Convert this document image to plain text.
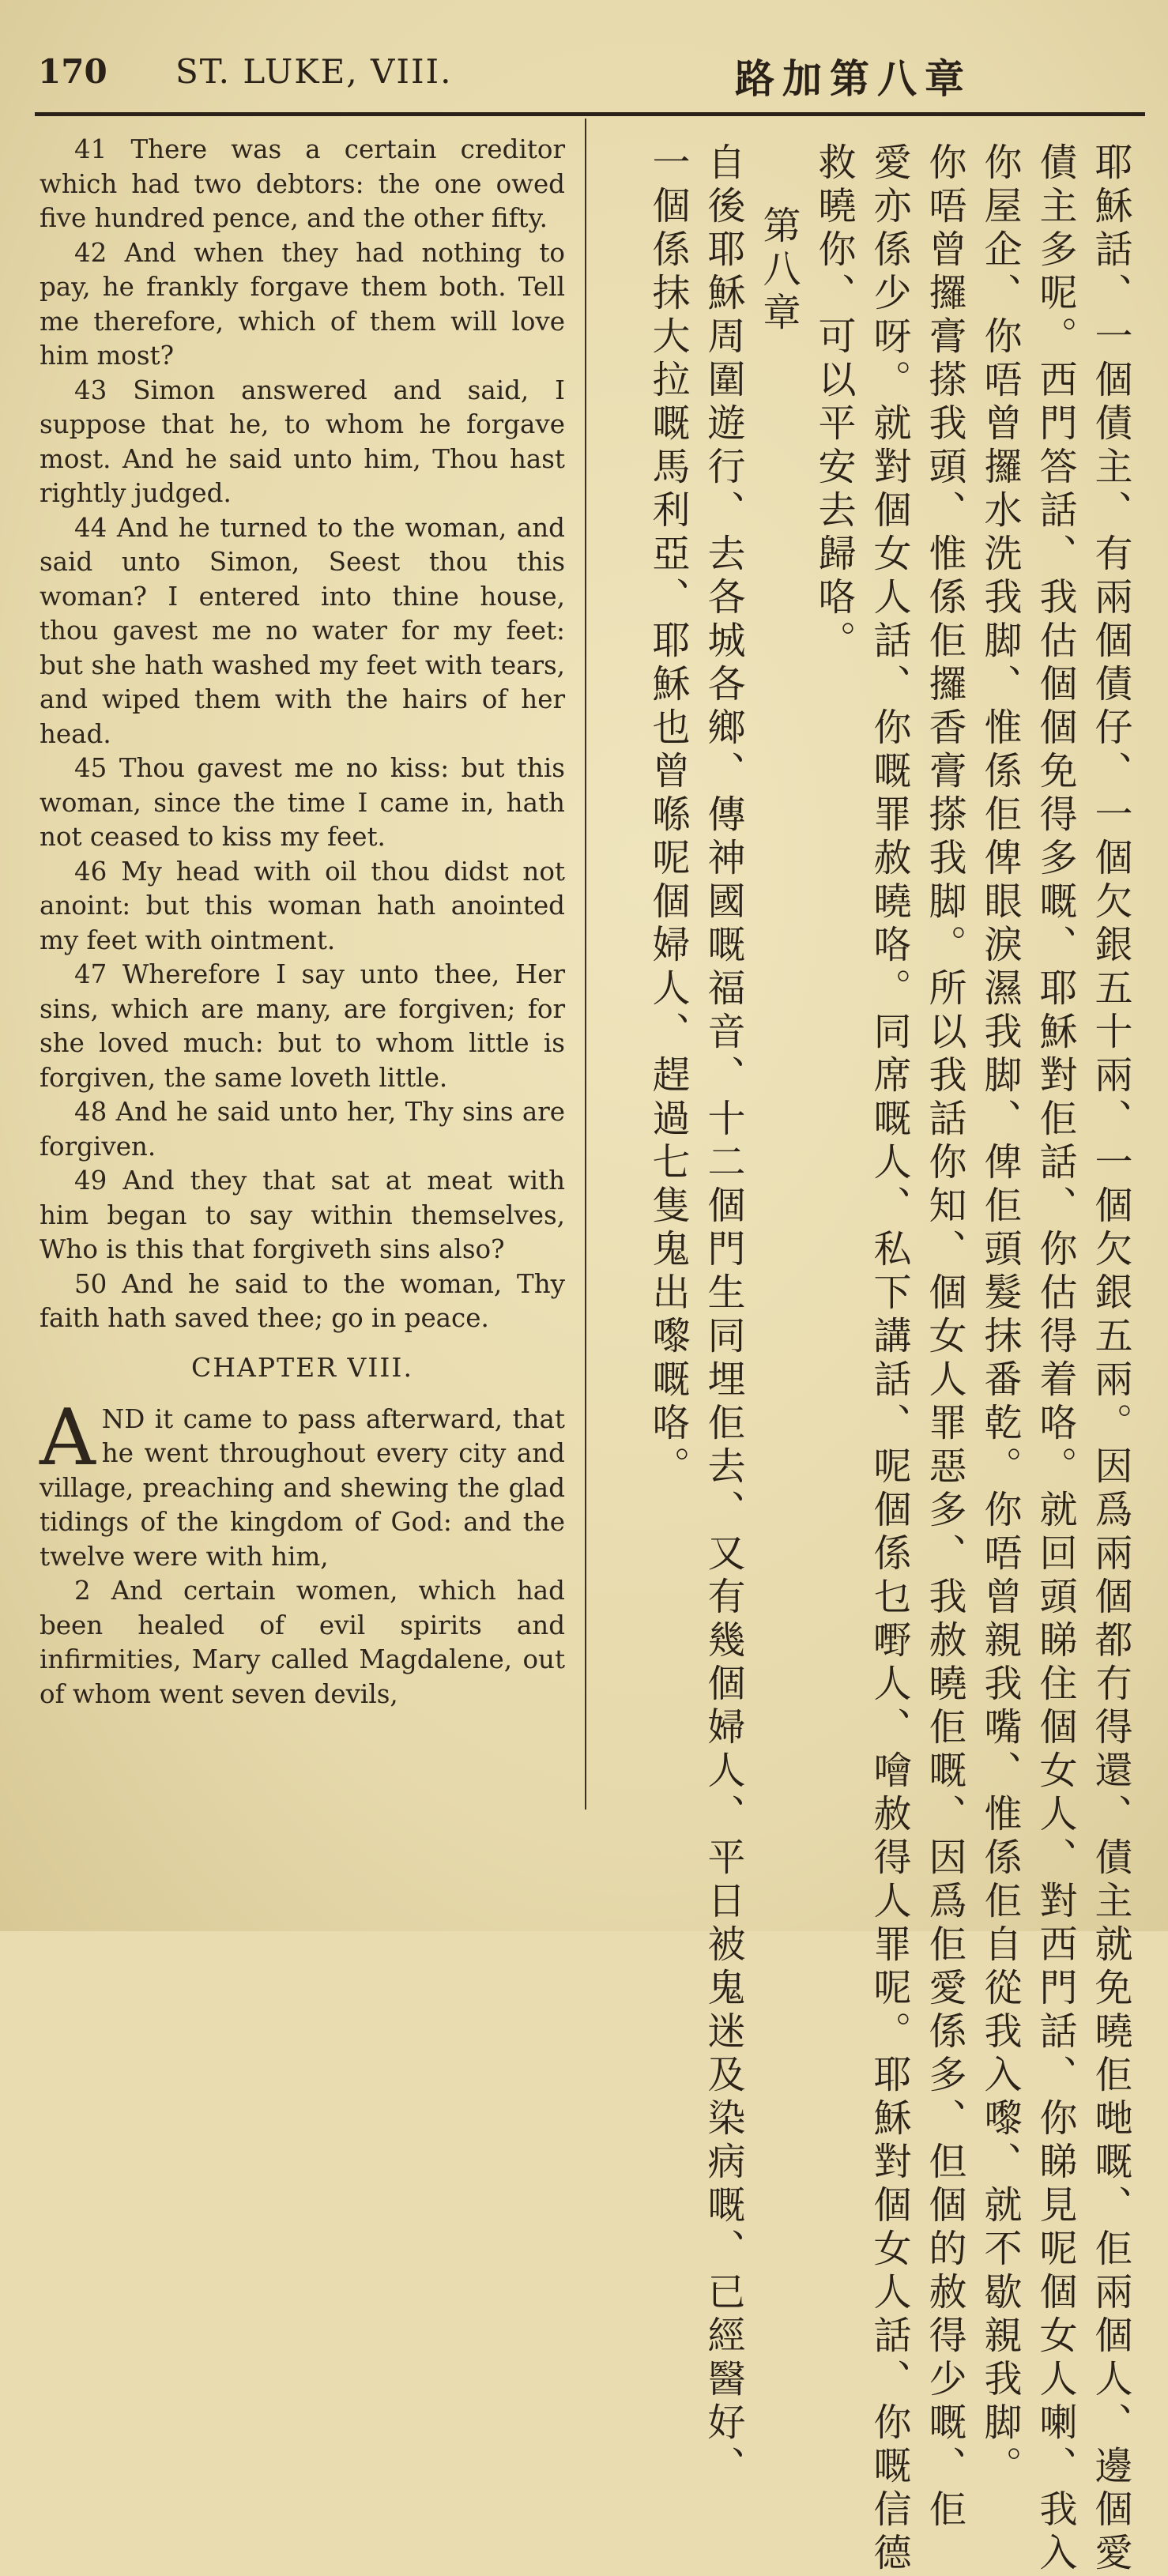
170 ST. LUKE, VIII.	路加第八章

41 There was a certain creditor which had two debtors: the one owed five hundred pence, and the other fifty.

42 And when they had nothing to pay, he frankly forgave them both. Tell me therefore, which of them will love him most?

43 Simon answered and said, I suppose that he, to whom he forgave most. And he said unto him, Thou hast rightly judged.

44 And he turned to the woman, and said unto Simon, Seest thou this woman? I entered into thine house, thou gavest me no water for my feet: but she hath washed my feet with tears, and wiped them with the hairs of her head.

45 Thou gavest me no kiss: but this woman, since the time I came in, hath not ceased to kiss my feet.

46 My head with oil thou didst not anoint: but this woman hath anointed my feet with ointment.

47 Wherefore I say unto thee, Her sins, which are many, are forgiven; for she loved much: but to whom little is forgiven, the same loveth little.

48 And he said unto her, Thy sins are forgiven.

49 And they that sat at meat with him began to say within themselves, Who is this that forgiveth sins also?

50 And he said to the woman, Thy faith hath saved thee; go in peace.

CHAPTER VIII.

AND it came to pass afterward, that he went throughout every city and village, preaching and shewing the glad tidings of the kingdom of God: and the twelve were with him,

2 And certain women, which had been healed of evil spirits and infirmities, Mary called Magdalene, out of whom went seven devils,	耶穌話、一個債主、有兩個債仔、一個欠銀五十兩、一個欠銀五兩。因爲兩個都冇得還、債主就免曉佢哋嘅、佢兩個人、邊個愛
債主多呢。西門答話、我估個個免得多嘅、耶穌對佢話、你估得着咯。就回頭睇住個女人、對西門話、你睇見呢個女人喇、我入
你屋企、你唔曾攞水洗我脚、惟係佢俾眼淚濕我脚、俾佢頭髮抹番乾。你唔曾親我嘴、惟係佢自從我入嚟、就不歇親我脚。
你唔曾攞膏搽我頭、惟係佢攞香膏搽我脚。所以我話你知、個女人罪惡多、我赦曉佢嘅、因爲佢愛係多、但個的赦得少嘅、佢
愛亦係少呀。就對個女人話、你嘅罪赦曉咯。同席嘅人、私下講話、呢個係乜嘢人、噲赦得人罪呢。耶穌對個女人話、你嘅信德
救曉你、可以平安去歸咯。
第八章
自後耶穌周圍遊行、去各城各鄉、傳神國嘅福音、十二個門生同埋佢去、又有幾個婦人、平日被鬼迷及染病嘅、已經醫好、
一個係抹大拉嘅馬利亞、耶穌也曾喺呢個婦人、趕過七隻鬼出嚟嘅咯。
